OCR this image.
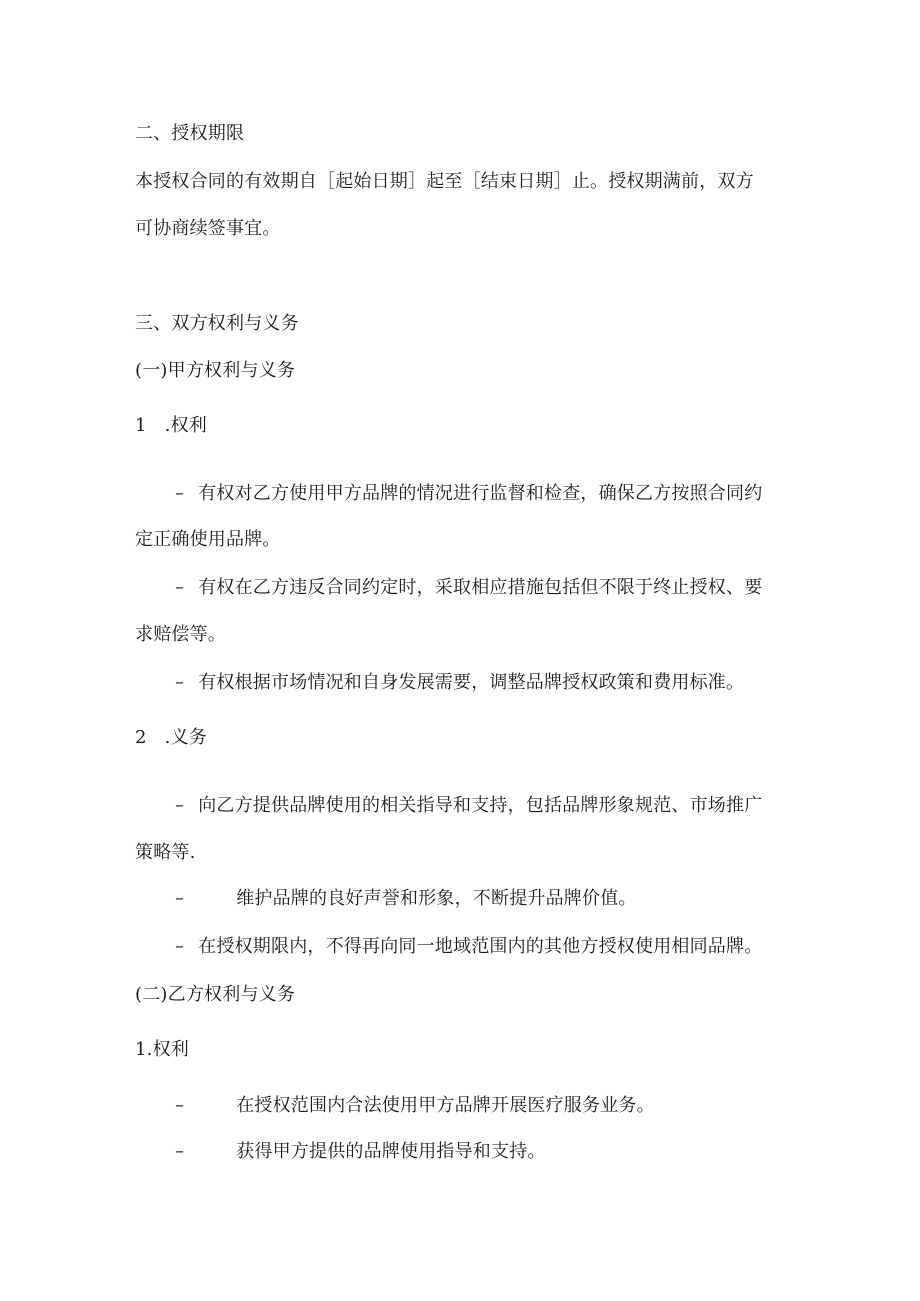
二、授权期限
本授权合同的有效期自［起始日期］起至［结束日期］止。授权期满前，双方
可协商续签事宜。
三、双方权利与义务
(一)甲方权利与义务
1 .权利
– 有权对乙方使用甲方品牌的情况进行监督和检查，确保乙方按照合同约
定正确使用品牌。
– 有权在乙方违反合同约定时，采取相应措施包括但不限于终止授权、要
求赔偿等。
– 有权根据市场情况和自身发展需要，调整品牌授权政策和费用标准。
2 .义务
– 向乙方提供品牌使用的相关指导和支持，包括品牌形象规范、市场推广
策略等.
–	维护品牌的良好声誉和形象，不断提升品牌价值。
– 在授权期限内，不得再向同一地域范围内的其他方授权使用相同品牌。
(二)乙方权利与义务
1.权利
–	在授权范围内合法使用甲方品牌开展医疗服务业务。
–	获得甲方提供的品牌使用指导和支持。
